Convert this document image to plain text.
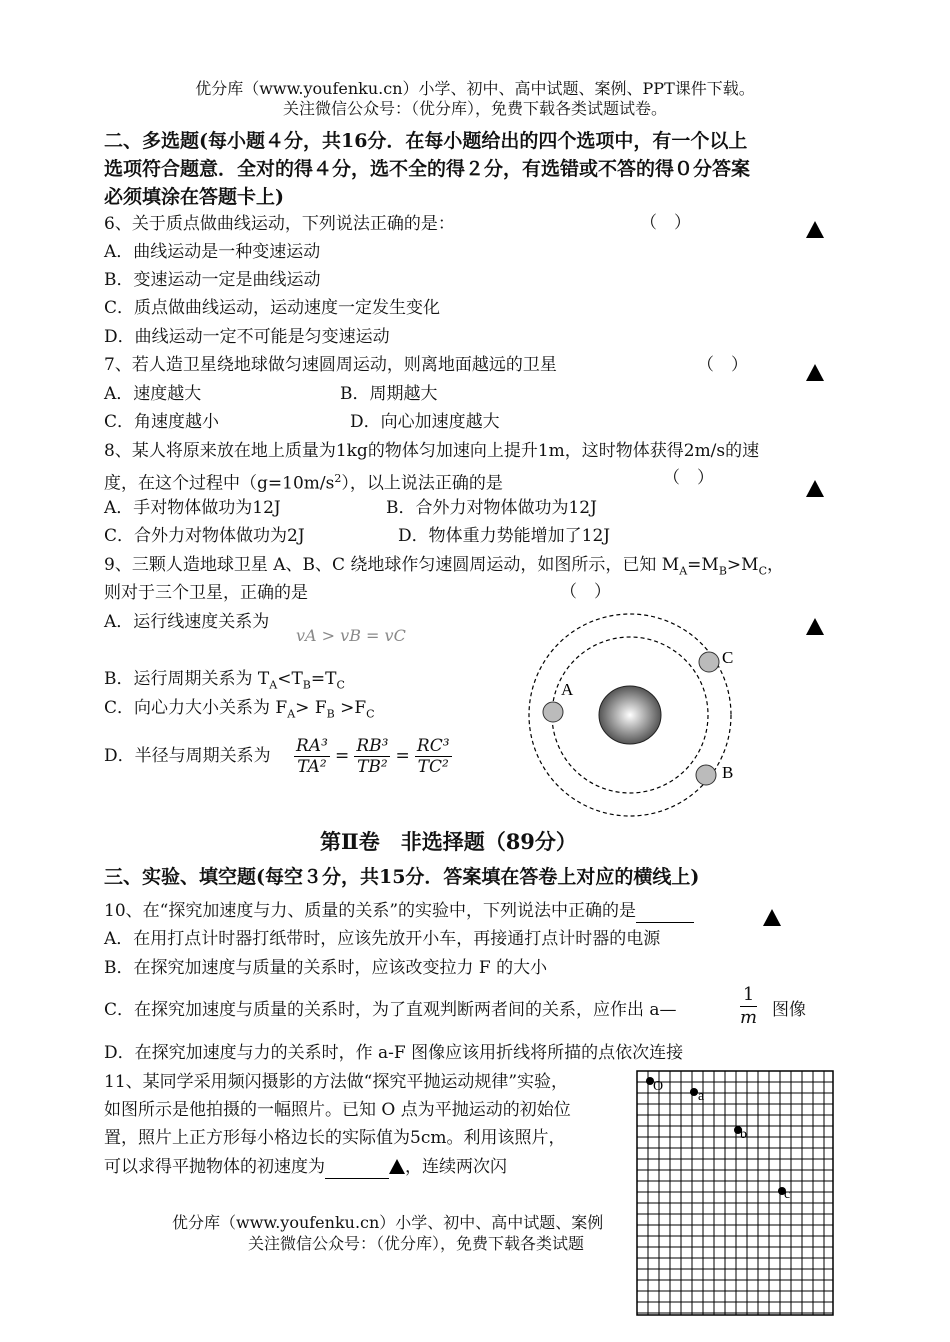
优分库（www.youfenku.cn）小学、初中、高中试题、案例、PPT课件下载。
关注微信公众号：（优分库），免费下载各类试题试卷。
二、多选题(每小题４分，共16分．在每小题给出的四个选项中，有一个以上
选项符合题意．全对的得４分，选不全的得２分，有选错或不答的得０分答案
必须填涂在答题卡上)
6、关于质点做曲线运动，下列说法正确的是：	（　）
A．曲线运动是一种变速运动
B．变速运动一定是曲线运动
C．质点做曲线运动，运动速度一定发生变化
D．曲线运动一定不可能是匀变速运动
7、若人造卫星绕地球做匀速圆周运动，则离地面越远的卫星	（　）
A．速度越大	B．周期越大
C．角速度越小	D．向心加速度越大
8、某人将原来放在地上质量为1kg的物体匀加速向上提升1m，这时物体获得2m/s的速
度，在这个过程中$(g=10m/s^2)$，以上说法正确的是	（　）
A．手对物体做功为12J	B．合外力对物体做功为12J
C．合外力对物体做功为2J	D．物体重力势能增加了12J
9、三颗人造地球卫星 A、B、C 绕地球作匀速圆周运动，如图所示，已知 $M_A=M_B>M_C$，
则对于三个卫星，正确的是	（　）
A．运行线速度关系为
vA > vB = vC
B．运行周期关系为 $T_A<T_B=T_C$
C．向心力大小关系为 $F_A> F_B >F_C$
D．半径与周期关系为 $\frac{\text{RA³}}{\text{TA²}} = \frac{\text{RB³}}{\text{TB²}} = \frac{\text{RC³}}{\text{TC²}}$
A
C
B
第Ⅱ卷　非选择题（89分）
三、实验、填空题(每空３分，共15分．答案填在答卷上对应的横线上)
10、在“探究加速度与力、质量的关系”的实验中，下列说法中正确的是
A．在用打点计时器打纸带时，应该先放开小车，再接通打点计时器的电源
B．在探究加速度与质量的关系时，应该改变拉力 F 的大小
C．在探究加速度与质量的关系时，为了直观判断两者间的关系，应作出 a—	$\frac{1}{m}$ 图像
D．在探究加速度与力的关系时，作 a-F 图像应该用折线将所描的点依次连接
11、某同学采用频闪摄影的方法做“探究平抛运动规律”实验，
如图所示是他拍摄的一幅照片。已知 O 点为平抛运动的初始位
置，照片上正方形每小格边长的实际值为5cm。利用该照片，
可以求得平抛物体的初速度为	，连续两次闪
O
a
b
c
优分库（www.youfenku.cn）小学、初中、高中试题、案例
关注微信公众号：（优分库），免费下载各类试题
